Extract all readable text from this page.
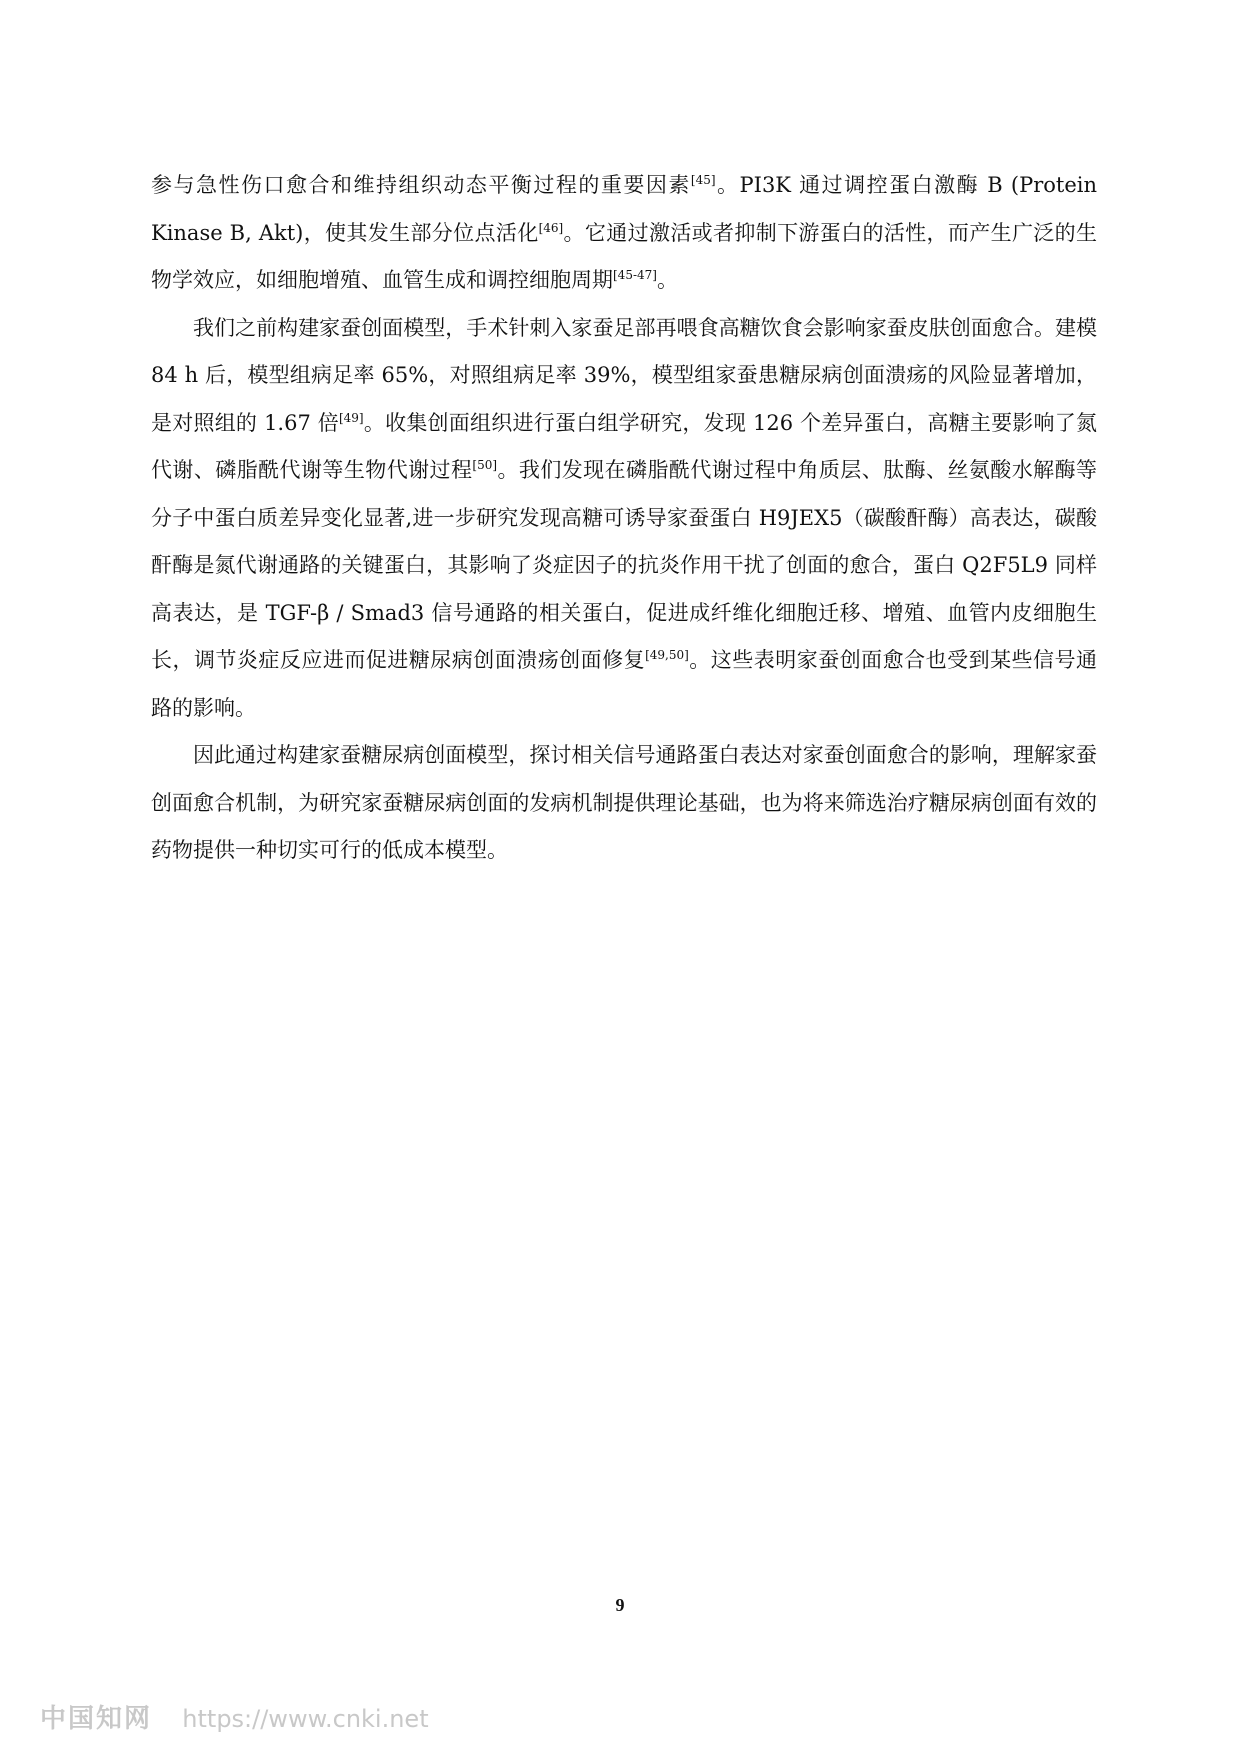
参与急性伤口愈合和维持组织动态平衡过程的重要因素[45]。PI3K 通过调控蛋白激酶 B (Protein Kinase B, Akt)，使其发生部分位点活化[46]。它通过激活或者抑制下游蛋白的活性，而产生广泛的生物学效应，如细胞增殖、血管生成和调控细胞周期[45-47]。

我们之前构建家蚕创面模型，手术针刺入家蚕足部再喂食高糖饮食会影响家蚕皮肤创面愈合。建模 84 h 后，模型组病足率 65%，对照组病足率 39%，模型组家蚕患糖尿病创面溃疡的风险显著增加，是对照组的 1.67 倍[49]。收集创面组织进行蛋白组学研究，发现 126 个差异蛋白，高糖主要影响了氮代谢、磷脂酰代谢等生物代谢过程[50]。我们发现在磷脂酰代谢过程中角质层、肽酶、丝氨酸水解酶等分子中蛋白质差异变化显著,进一步研究发现高糖可诱导家蚕蛋白 H9JEX5（碳酸酐酶）高表达，碳酸酐酶是氮代谢通路的关键蛋白，其影响了炎症因子的抗炎作用干扰了创面的愈合，蛋白 Q2F5L9 同样高表达，是 TGF-β / Smad3 信号通路的相关蛋白，促进成纤维化细胞迁移、增殖、血管内皮细胞生长，调节炎症反应进而促进糖尿病创面溃疡创面修复[49,50]。这些表明家蚕创面愈合也受到某些信号通路的影响。

因此通过构建家蚕糖尿病创面模型，探讨相关信号通路蛋白表达对家蚕创面愈合的影响，理解家蚕创面愈合机制，为研究家蚕糖尿病创面的发病机制提供理论基础，也为将来筛选治疗糖尿病创面有效的药物提供一种切实可行的低成本模型。

9
中国知网 https://www.cnki.net
